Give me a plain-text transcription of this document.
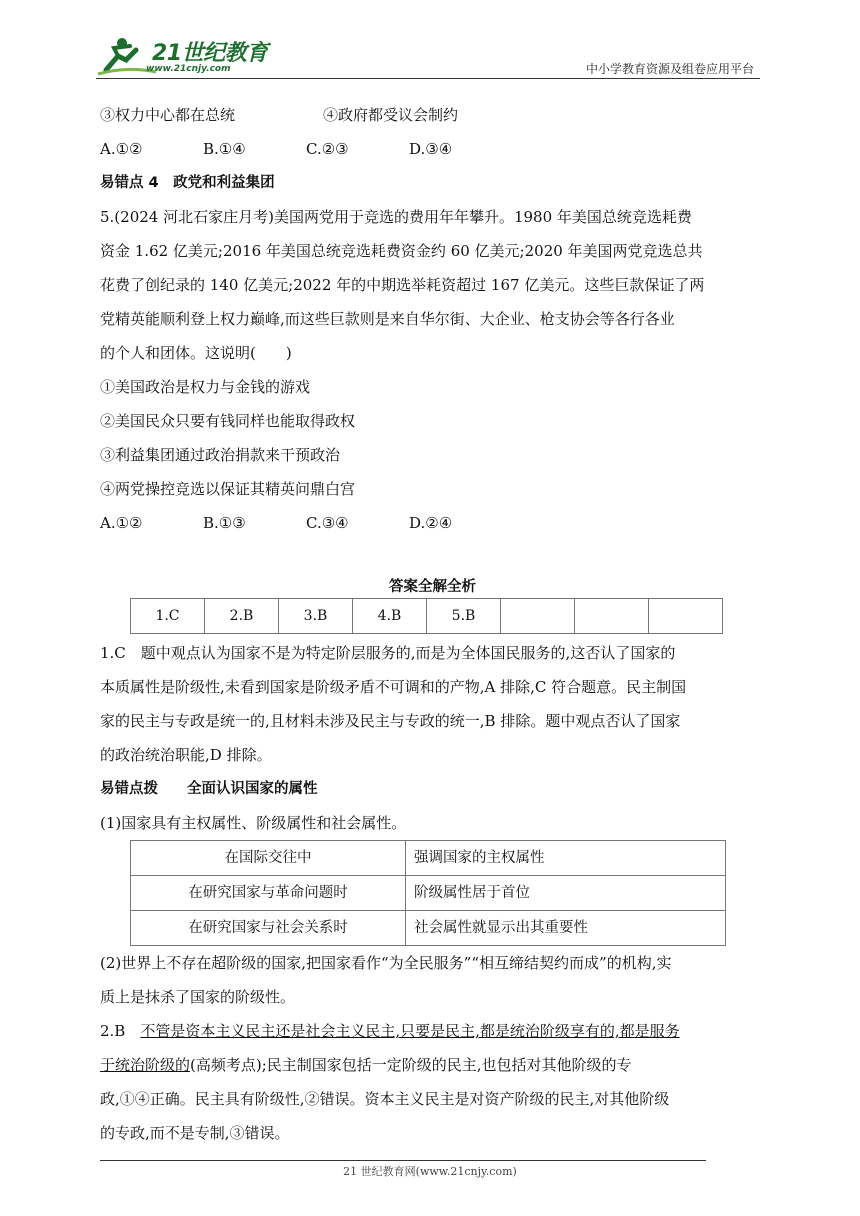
21世纪教育
www.21cnjy.com	中小学教育资源及组卷应用平台
③权力中心都在总统	④政府都受议会制约
A.①②	B.①④	C.②③	D.③④
易错点 4　政党和利益集团
5.(2024 河北石家庄月考)美国两党用于竞选的费用年年攀升。1980 年美国总统竞选耗费
资金 1.62 亿美元;2016 年美国总统竞选耗费资金约 60 亿美元;2020 年美国两党竞选总共
花费了创纪录的 140 亿美元;2022 年的中期选举耗资超过 167 亿美元。这些巨款保证了两
党精英能顺利登上权力巅峰,而这些巨款则是来自华尔街、大企业、枪支协会等各行各业
的个人和团体。这说明(　　)
①美国政治是权力与金钱的游戏
②美国民众只要有钱同样也能取得政权
③利益集团通过政治捐款来干预政治
④两党操控竞选以保证其精英问鼎白宫
A.①②	B.①③	C.③④	D.②④
答案全解全析
1.C	2.B	3.B	4.B	5.B			
1.C　题中观点认为国家不是为特定阶层服务的,而是为全体国民服务的,这否认了国家的
本质属性是阶级性,未看到国家是阶级矛盾不可调和的产物,A 排除,C 符合题意。民主制国
家的民主与专政是统一的,且材料未涉及民主与专政的统一,B 排除。题中观点否认了国家
的政治统治职能,D 排除。
易错点拨　　全面认识国家的属性
(1)国家具有主权属性、阶级属性和社会属性。
在国际交往中	强调国家的主权属性
在研究国家与革命问题时	阶级属性居于首位
在研究国家与社会关系时	社会属性就显示出其重要性
(2)世界上不存在超阶级的国家,把国家看作“为全民服务”“相互缔结契约而成”的机构,实
质上是抹杀了国家的阶级性。
2.B　不管是资本主义民主还是社会主义民主,只要是民主,都是统治阶级享有的,都是服务
于统治阶级的(高频考点);民主制国家包括一定阶级的民主,也包括对其他阶级的专
政,①④正确。民主具有阶级性,②错误。资本主义民主是对资产阶级的民主,对其他阶级
的专政,而不是专制,③错误。
21 世纪教育网(www.21cnjy.com)
